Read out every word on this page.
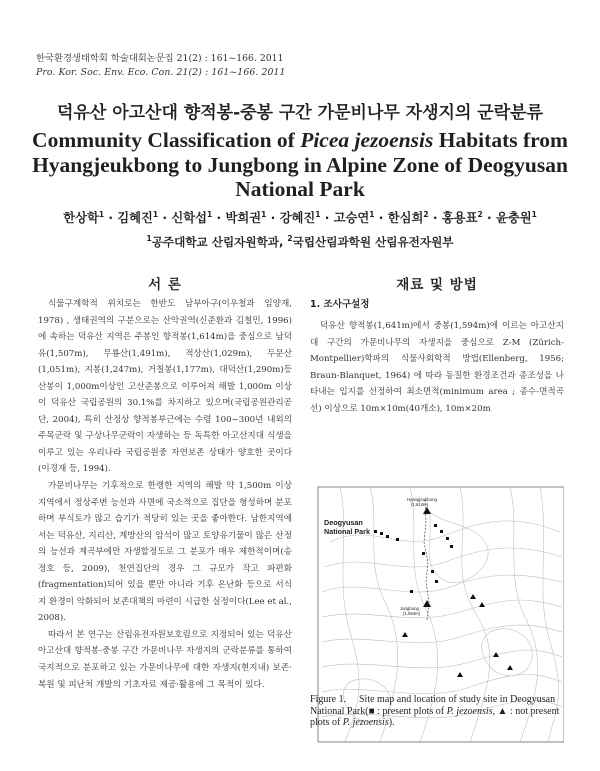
한국환경생태학회 학술대회논문집 21(2) : 161~166. 2011
Pro. Kor. Soc. Env. Eco. Con. 21(2) : 161~166. 2011
덕유산 아고산대 향적봉-중봉 구간 가문비나무 자생지의 군락분류
Community Classification of Picea jezoensis Habitats from Hyangjeukbong to Jungbong in Alpine Zone of Deogyusan National Park
한상학$^1$ · 김혜진$^1$ · 신학섭$^1$ · 박희권$^1$ · 강혜진$^1$ · 고승연$^1$ · 한심희$^2$ · 홍용표$^2$ · 윤충원$^1$
$^1$공주대학교 산림자원학과, $^2$국립산림과학원 산림유전자원부
서 론	재료 및 방법

식물구계학적 위치로는 한반도 남부아구(이우철과 임양재, 1978) , 생태권역의 구분으로는 산악권역(신준환과 김철민, 1996)에 속하는 덕유산 지역은 주봉인 향적봉(1,614m)을 중심으로 남덕유(1,507m), 무룡산(1,491m), 적상산(1,029m), 두문산(1,051m), 지봉(1,247m), 거칠봉(1,177m), 대덕산(1,290m)등 산봉이 1,000m이상인 고산준봉으로 이루어져 해발 1,000m 이상이 덕유산 국립공원의 30.1%를 차지하고 있으며(국립공원관리공단, 2004), 특히 산정상 향적봉부근에는 수령 100~300년 내외의 주목군락 및 구상나무군락이 자생하는 등 독특한 아고산지대 식생을 이루고 있는 우리나라 국립공원중 자연보존 상태가 양호한 곳이다(이경재 등, 1994).

가문비나무는 기후적으로 한랭한 지역의 해발 약 1,500m 이상 지역에서 정상주변 능선과 사면에 국소적으로 집단을 형성하며 분포하며 부식토가 많고 습기가 적당히 있는 곳을 좋아한다. 남한지역에서는 덕유산, 지리산, 계방산의 암석이 많고 토양유기물이 많은 산정의 능선과 계곡부에만 자생할정도로 그 분포가 매우 제한적이며(송정호 등, 2009), 천연집단의 경우 그 규모가 작고 파편화(fragmentation)되어 있을 뿐만 아니라 기후 온난화 등으로 서식지 환경이 악화되어 보존대책의 마련이 시급한 실정이다(Lee et al., 2008).

따라서 본 연구는 산림유전자원보호림으로 지정되어 있는 덕유산 아고산대 향적봉-중봉 구간 가문비나무 자생지의 군락분류를 통하여 국지적으로 분포하고 있는 가문비나무에 대한 자생지(현지내) 보존·복원 및 피난처 개발의 기초자료 제공·활용에 그 목적이 있다.

1. 조사구설정

덕유산 향적봉(1,641m)에서 중봉(1,594m)에 이르는 아고산지대 구간의 가문비나무의 자생지을 중심으로 Z-M (Zürich-Montpellier)학파의 식물사회학적 방법(Ellenberg, 1956; Braun-Blanquet, 1964) 에 따라 동질한 환경조건과 종조성을 나타내는 입지를 선정하여 최소면적(minimum area ; 종수-면적곡선) 이상으로 10m×10m(40개소), 10m×20m

Deogyusan
National Park
Hyangjeukbong
(1,614m)
Jungbong
(1,594m)
Figure 1. Site map and location of study site in Deogyusan National Park(■ : present plots of P. jezoensis, ▲ : not present plots of P. jezoensis).
